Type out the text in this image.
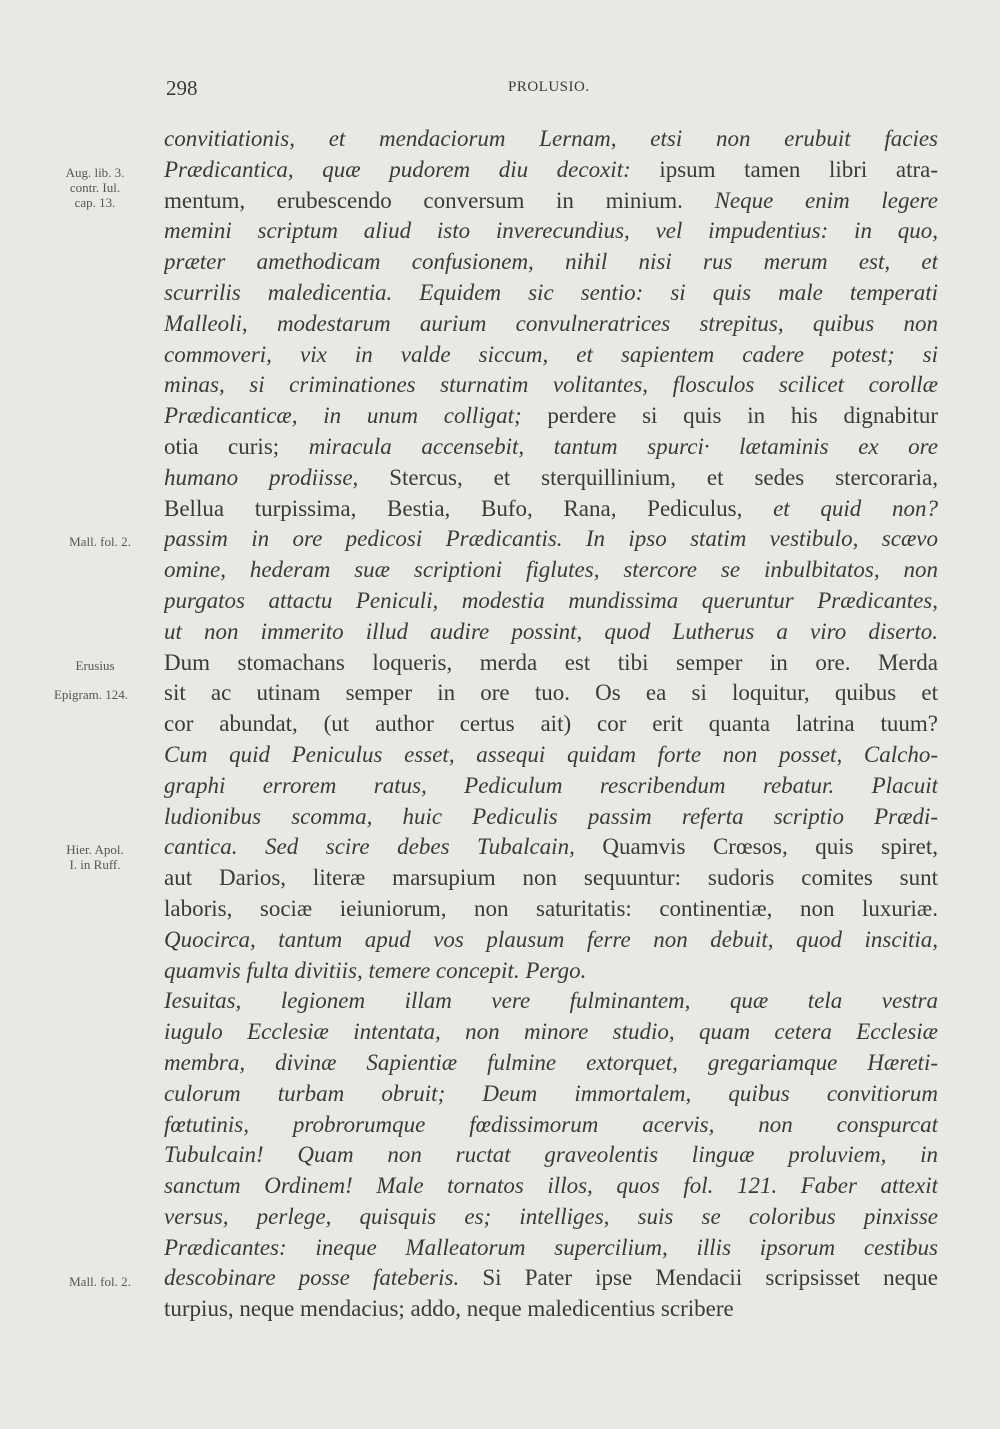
298	PROLUSIO.
convitiationis, et mendaciorum Lernam, etsi non erubuit facies
Prædicantica, quæ pudorem diu decoxit: ipsum tamen libri atra-
mentum, erubescendo conversum in minium. Neque enim legere
memini scriptum aliud isto inverecundius, vel impudentius: in quo,
præter amethodicam confusionem, nihil nisi rus merum est, et
scurrilis maledicentia. Equidem sic sentio: si quis male temperati
Malleoli, modestarum aurium convulneratrices strepitus, quibus non
commoveri, vix in valde siccum, et sapientem cadere potest; si
minas, si criminationes sturnatim volitantes, flosculos scilicet corollæ
Prædicanticæ, in unum colligat; perdere si quis in his dignabitur
otia curis; miracula accensebit, tantum spurci· lætaminis ex ore
humano prodiisse, Stercus, et sterquillinium, et sedes stercoraria,
Bellua turpissima, Bestia, Bufo, Rana, Pediculus, et quid non?
passim in ore pedicosi Prædicantis. In ipso statim vestibulo, scævo
omine, hederam suæ scriptioni figlutes, stercore se inbulbitatos, non
purgatos attactu Peniculi, modestia mundissima queruntur Prædicantes,
ut non immerito illud audire possint, quod Lutherus a viro diserto.
Dum stomachans loqueris, merda est tibi semper in ore. Merda
sit ac utinam semper in ore tuo. Os ea si loquitur, quibus et
cor abundat, (ut author certus ait) cor erit quanta latrina tuum?
Cum quid Peniculus esset, assequi quidam forte non posset, Calcho-
graphi errorem ratus, Pediculum rescribendum rebatur. Placuit
ludionibus scomma, huic Pediculis passim referta scriptio Prædi-
cantica. Sed scire debes Tubalcain, Quamvis Crœsos, quis spiret,
aut Darios, literæ marsupium non sequuntur: sudoris comites sunt
laboris, sociæ ieiuniorum, non saturitatis: continentiæ, non luxuriæ.
Quocirca, tantum apud vos plausum ferre non debuit, quod inscitia,
quamvis fulta divitiis, temere concepit. Pergo.
Iesuitas, legionem illam vere fulminantem, quæ tela vestra
iugulo Ecclesiæ intentata, non minore studio, quam cetera Ecclesiæ
membra, divinæ Sapientiæ fulmine extorquet, gregariamque Hæreti-
culorum turbam obruit; Deum immortalem, quibus convitiorum
fœtutinis, probrorumque fœdissimorum acervis, non conspurcat
Tubulcain! Quam non ructat graveolentis linguæ proluviem, in
sanctum Ordinem! Male tornatos illos, quos fol. 121. Faber attexit
versus, perlege, quisquis es; intelliges, suis se coloribus pinxisse
Prædicantes: ineque Malleatorum supercilium, illis ipsorum cestibus
descobinare posse fateberis. Si Pater ipse Mendacii scripsisset neque
turpius, neque mendacius; addo, neque maledicentius scribere
Aug. lib. 3.
contr. Iul.
cap. 13.
Mall. fol. 2.
Erusius
Epigram. 124.
Hier. Apol.
I. in Ruff.
Mall. fol. 2.
